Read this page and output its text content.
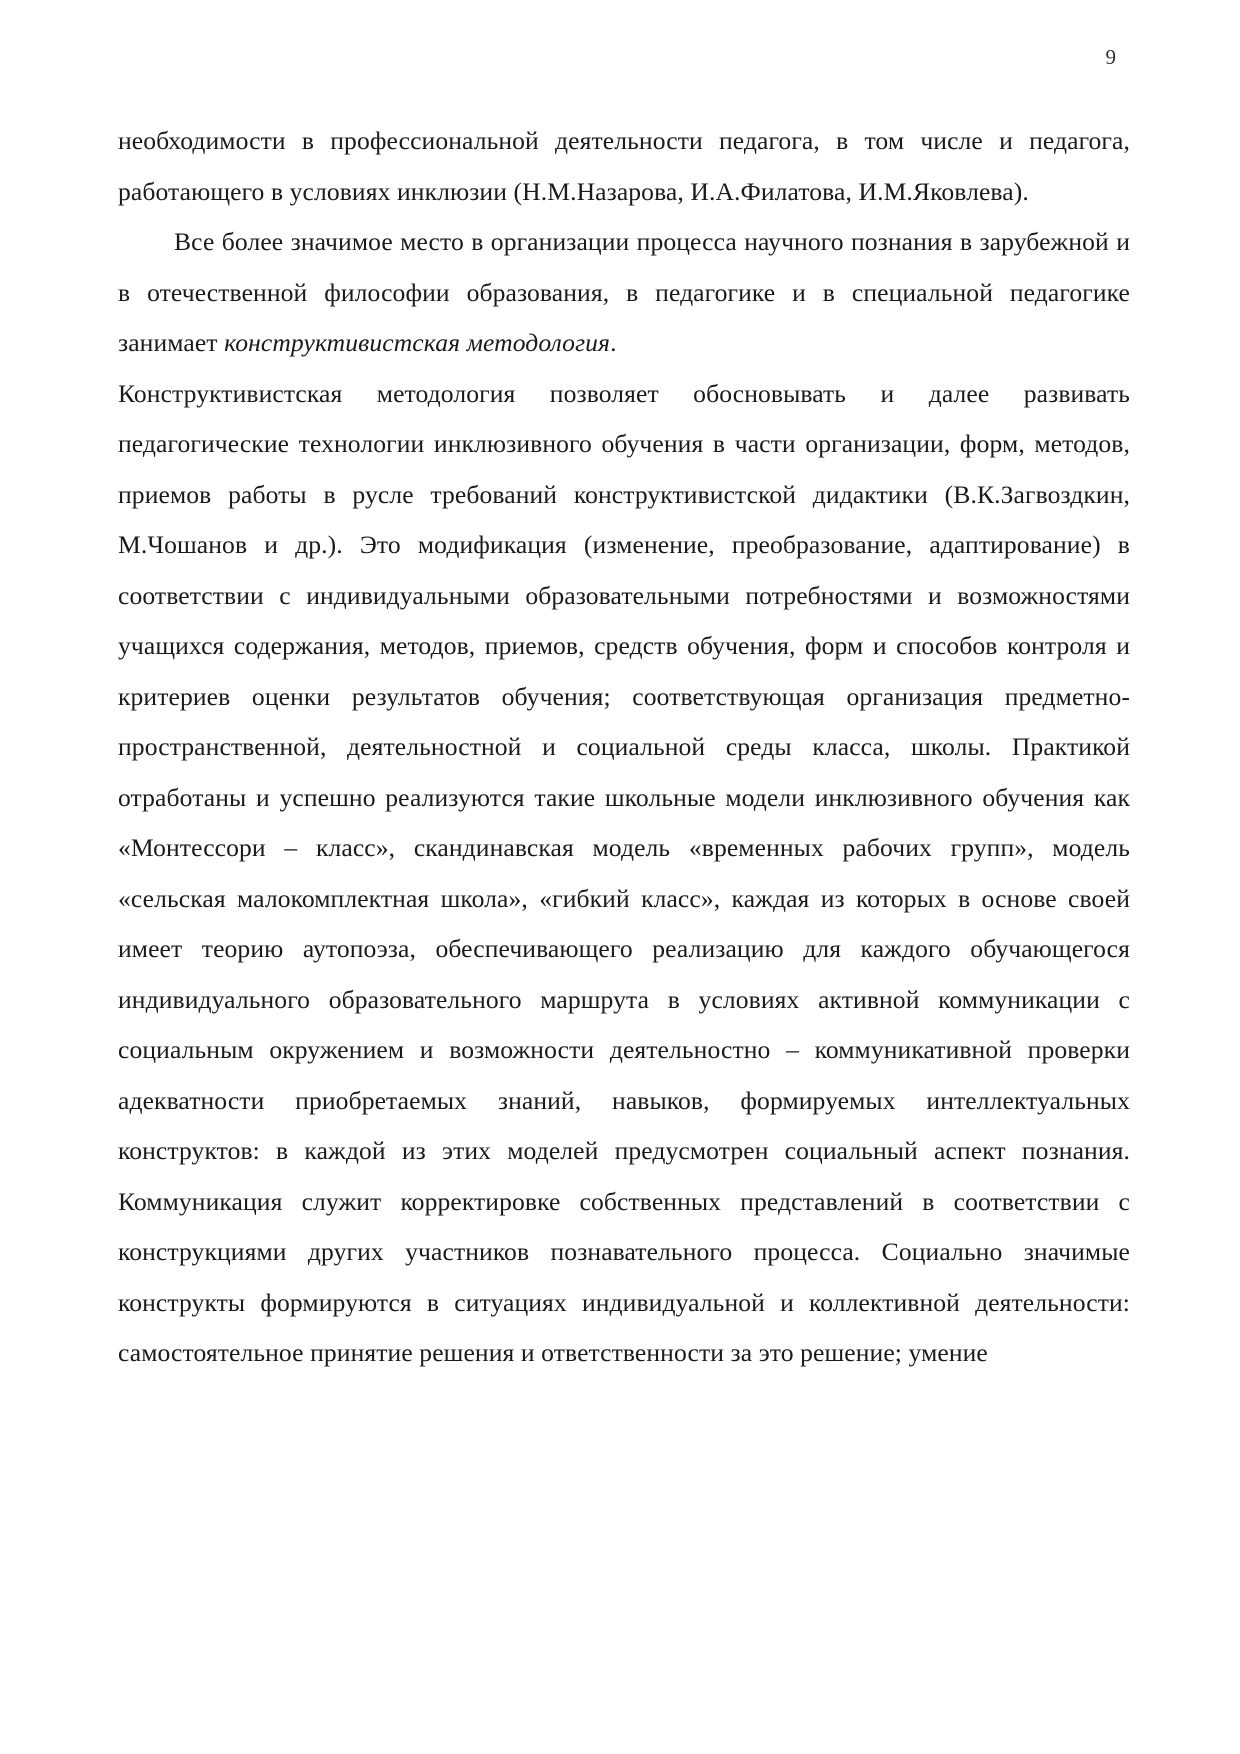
9

необходимости в профессиональной деятельности педагога, в том числе и педагога, работающего в условиях инклюзии (Н.М.Назарова, И.А.Филатова, И.М.Яковлева).

Все более значимое место в организации процесса научного познания в зарубежной и в отечественной философии образования, в педагогике и в специальной педагогике занимает конструктивистская методология.

Конструктивистская методология позволяет обосновывать и далее развивать педагогические технологии инклюзивного обучения в части организации, форм, методов, приемов работы в русле требований конструктивистской дидактики (В.К.Загвоздкин, М.Чошанов и др.). Это модификация (изменение, преобразование, адаптирование) в соответствии с индивидуальными образовательными потребностями и возможностями учащихся содержания, методов, приемов, средств обучения, форм и способов контроля и критериев оценки результатов обучения; соответствующая организация предметно-пространственной, деятельностной и социальной среды класса, школы. Практикой отработаны и успешно реализуются такие школьные модели инклюзивного обучения как «Монтессори – класс», скандинавская модель «временных рабочих групп», модель «сельская малокомплектная школа», «гибкий класс», каждая из которых в основе своей имеет теорию аутопоэза, обеспечивающего реализацию для каждого обучающегося индивидуального образовательного маршрута в условиях активной коммуникации с социальным окружением и возможности деятельностно – коммуникативной проверки адекватности приобретаемых знаний, навыков, формируемых интеллектуальных конструктов: в каждой из этих моделей предусмотрен социальный аспект познания. Коммуникация служит корректировке собственных представлений в соответствии с конструкциями других участников познавательного процесса. Социально значимые конструкты формируются в ситуациях индивидуальной и коллективной деятельности: самостоятельное принятие решения и ответственности за это решение; умение
